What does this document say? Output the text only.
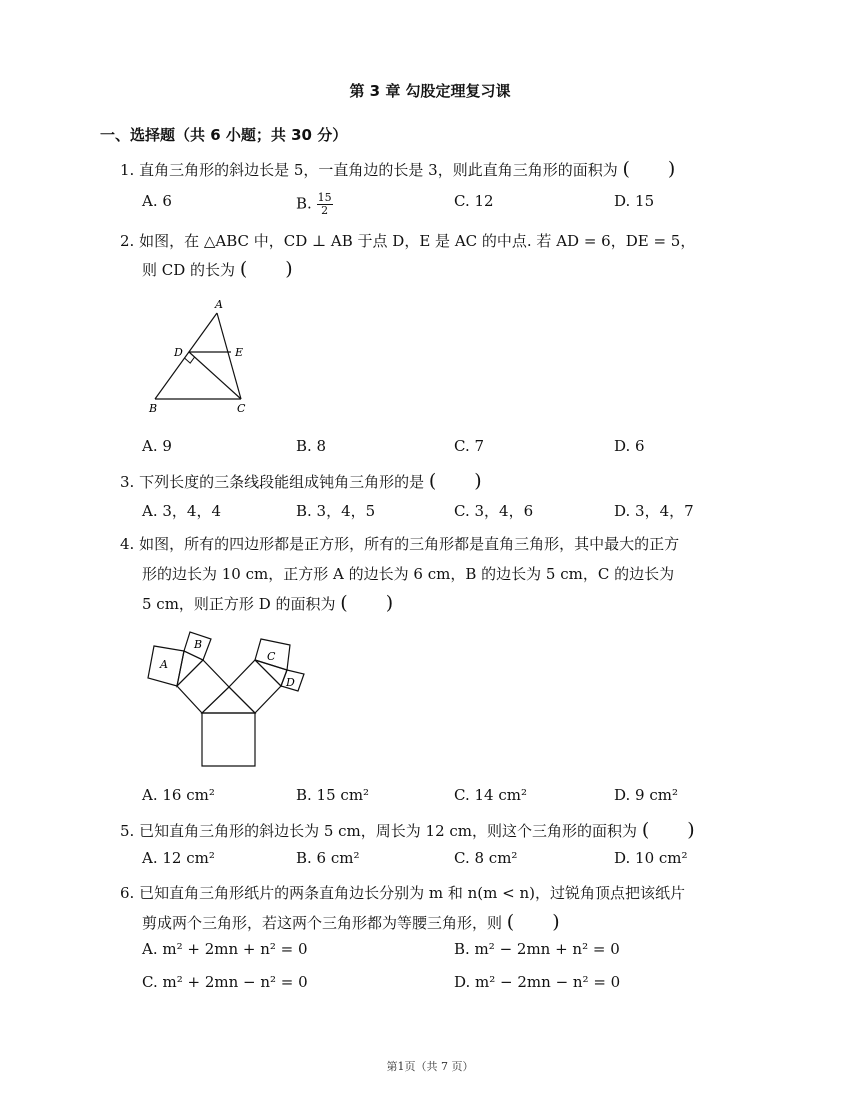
第 3 章 勾股定理复习课
一、选择题（共 6 小题；共 30 分）
1. 直角三角形的斜边长是 5，一直角边的长是 3，则此直角三角形的面积为 (  )
A. 6	B. $\frac{15}{2}$	C. 12	D. 15
2. 如图，在 △ABC 中，CD ⊥ AB 于点 D，E 是 AC 的中点. 若 AD = 6，DE = 5，
则 CD 的长为 (  )
A
D	E
B	C
A. 9	B. 8	C. 7	D. 6
3. 下列长度的三条线段能组成钝角三角形的是 (  )
A. 3，4，4	B. 3，4，5	C. 3，4，6	D. 3，4，7
4. 如图，所有的四边形都是正方形，所有的三角形都是直角三角形，其中最大的正方
形的边长为 10 cm，正方形 A 的边长为 6 cm，B 的边长为 5 cm，C 的边长为
5 cm，则正方形 D 的面积为 (  )
A
B
C
D
A. 16 cm²	B. 15 cm²	C. 14 cm²	D. 9 cm²
5. 已知直角三角形的斜边长为 5 cm，周长为 12 cm，则这个三角形的面积为 (  )
A. 12 cm²	B. 6 cm²	C. 8 cm²	D. 10 cm²
6. 已知直角三角形纸片的两条直角边长分别为 m 和 n(m < n)，过锐角顶点把该纸片
剪成两个三角形，若这两个三角形都为等腰三角形，则 (  )
A. m² + 2mn + n² = 0	B. m² − 2mn + n² = 0
C. m² + 2mn − n² = 0	D. m² − 2mn − n² = 0
第1页（共 7 页）
